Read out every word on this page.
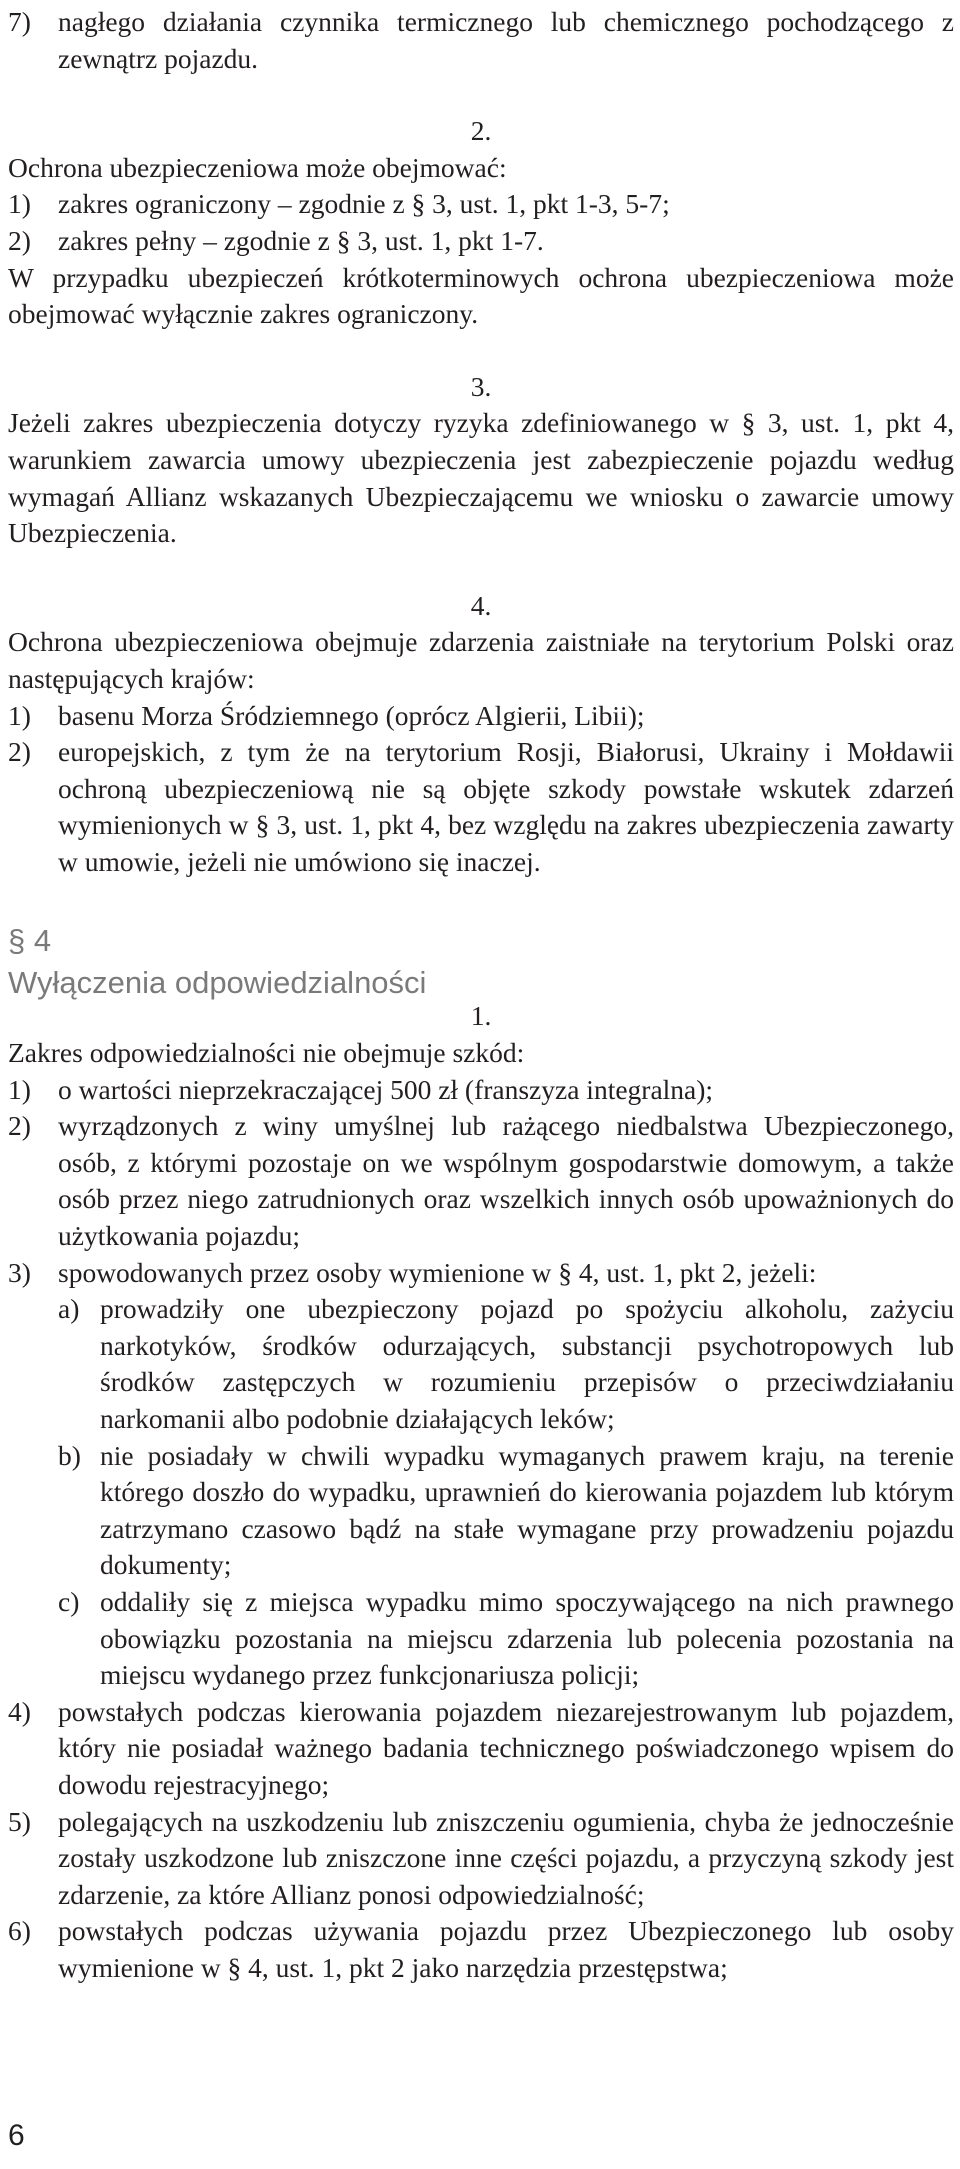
7) nagłego działania czynnika termicznego lub chemicznego pochodzącego z zewnątrz pojazdu.

2.

Ochrona ubezpieczeniowa może obejmować:

1) zakres ograniczony – zgodnie z § 3, ust. 1, pkt 1-3, 5-7;
2) zakres pełny – zgodnie z § 3, ust. 1, pkt 1-7.

W przypadku ubezpieczeń krótkoterminowych ochrona ubezpieczeniowa może obejmować wyłącznie zakres ograniczony.

3.

Jeżeli zakres ubezpieczenia dotyczy ryzyka zdefiniowanego w § 3, ust. 1, pkt 4, warunkiem zawarcia umowy ubezpieczenia jest zabezpieczenie pojazdu według wymagań Allianz wskazanych Ubezpieczającemu we wniosku o zawarcie umowy Ubezpieczenia.

4.

Ochrona ubezpieczeniowa obejmuje zdarzenia zaistniałe na terytorium Polski oraz następujących krajów:

1) basenu Morza Śródziemnego (oprócz Algierii, Libii);
2) europejskich, z tym że na terytorium Rosji, Białorusi, Ukrainy i Mołdawii ochroną ubezpieczeniową nie są objęte szkody powstałe wskutek zdarzeń wymienionych w § 3, ust. 1, pkt 4, bez względu na zakres ubezpieczenia zawarty w umowie, jeżeli nie umówiono się inaczej.
§ 4
Wyłączenia odpowiedzialności

1.

Zakres odpowiedzialności nie obejmuje szkód:

1) o wartości nieprzekraczającej 500 zł (franszyza integralna);
2) wyrządzonych z winy umyślnej lub rażącego niedbalstwa Ubezpieczonego, osób, z którymi pozostaje on we wspólnym gospodarstwie domowym, a także osób przez niego zatrudnionych oraz wszelkich innych osób upoważnionych do użytkowania pojazdu;
3) spowodowanych przez osoby wymienione w § 4, ust. 1, pkt 2, jeżeli:
a) prowadziły one ubezpieczony pojazd po spożyciu alkoholu, zażyciu narkotyków, środków odurzających, substancji psychotropowych lub środków zastępczych w rozumieniu przepisów o przeciwdziałaniu narkomanii albo podobnie działających leków;
b) nie posiadały w chwili wypadku wymaganych prawem kraju, na terenie którego doszło do wypadku, uprawnień do kierowania pojazdem lub którym zatrzymano czasowo bądź na stałe wymagane przy prowadzeniu pojazdu dokumenty;
c) oddaliły się z miejsca wypadku mimo spoczywającego na nich prawnego obowiązku pozostania na miejscu zdarzenia lub polecenia pozostania na miejscu wydanego przez funkcjonariusza policji;
4) powstałych podczas kierowania pojazdem niezarejestrowanym lub pojazdem, który nie posiadał ważnego badania technicznego poświadczonego wpisem do dowodu rejestracyjnego;
5) polegających na uszkodzeniu lub zniszczeniu ogumienia, chyba że jednocześnie zostały uszkodzone lub zniszczone inne części pojazdu, a przyczyną szkody jest zdarzenie, za które Allianz ponosi odpowiedzialność;
6) powstałych podczas używania pojazdu przez Ubezpieczonego lub osoby wymienione w § 4, ust. 1, pkt 2 jako narzędzia przestępstwa;
6
